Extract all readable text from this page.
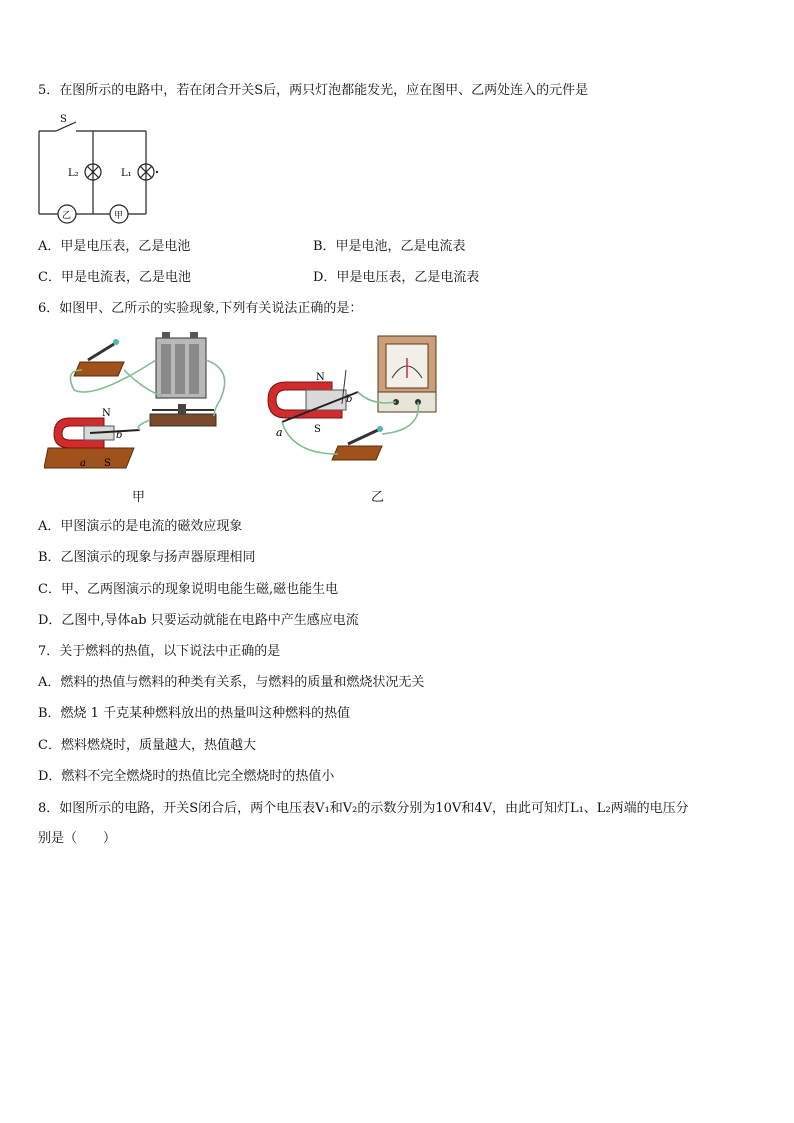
5．在图所示的电路中，若在闭合开关S后，两只灯泡都能发光，应在图甲、乙两处连入的元件是
S
L₂	L₁
乙	甲
A．甲是电压表，乙是电池	B．甲是电池，乙是电流表
C．甲是电流表，乙是电池	D．甲是电压表，乙是电流表
6．如图甲、乙所示的实验现象,下列有关说法正确的是：
N
b
a S
甲
N
b
a	S
乙
A．甲图演示的是电流的磁效应现象
B．乙图演示的现象与扬声器原理相同
C．甲、乙两图演示的现象说明电能生磁,磁也能生电
D．乙图中,导体ab 只要运动就能在电路中产生感应电流
7．关于燃料的热值，以下说法中正确的是
A．燃料的热值与燃料的种类有关系，与燃料的质量和燃烧状况无关
B．燃烧 1 千克某种燃料放出的热量叫这种燃料的热值
C．燃料燃烧时，质量越大，热值越大
D．燃料不完全燃烧时的热值比完全燃烧时的热值小
8．如图所示的电路，开关S闭合后，两个电压表V₁和V₂的示数分别为10V和4V，由此可知灯L₁、L₂两端的电压分
别是（　　）
